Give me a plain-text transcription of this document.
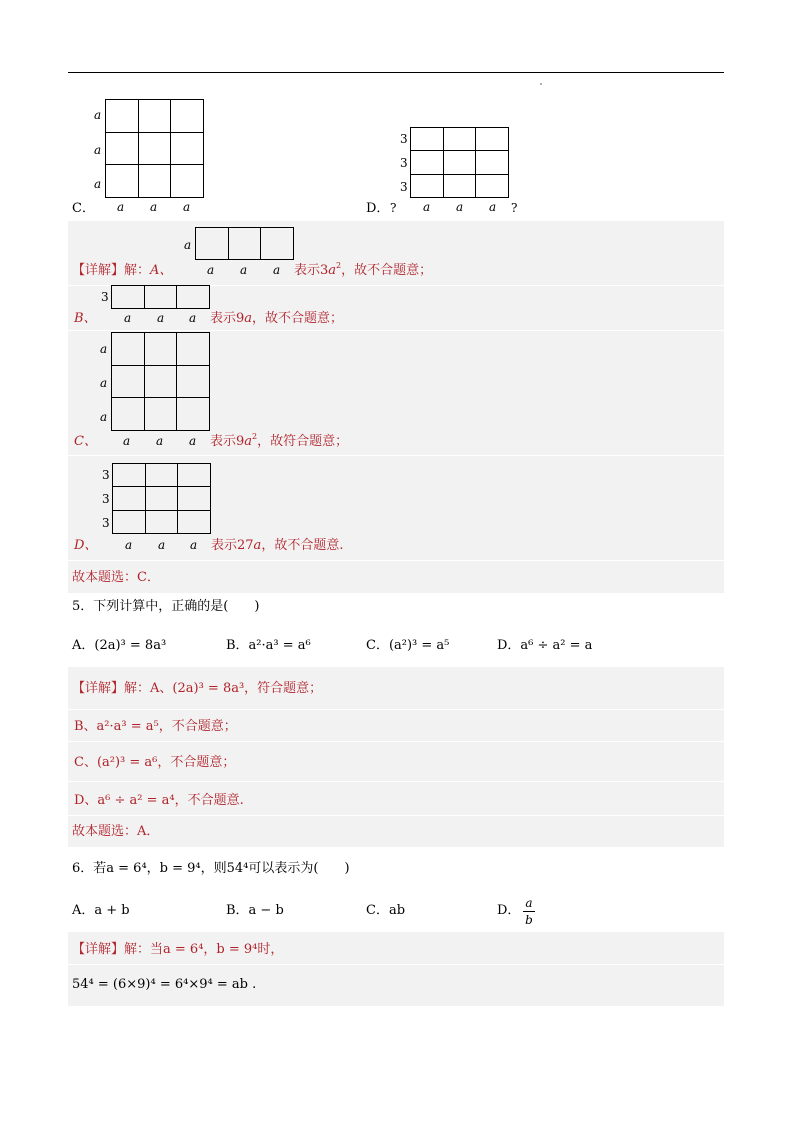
a
a
a
C． a a a
3
3
3
D． ? a a a ?
a
【详解】解：A、	a a a 表示$3a^2$，故不合题意；
3
B、 a a a 表示9a，故不合题意；
a
a
a
C、 a a a 表示$9a^2$，故符合题意；
3
3
3
D、 a a a 表示27a，故不合题意.
故本题选：C．
5．下列计算中，正确的是(　　)
A．(2a)³ = 8a³	B．a²·a³ = a⁶	C．(a²)³ = a⁵	D．a⁶ ÷ a² = a
【详解】解：A、(2a)³ = 8a³，符合题意；
B、a²·a³ = a⁵，不合题意；
C、(a²)³ = a⁶，不合题意；
D、a⁶ ÷ a² = a⁴，不合题意.
故本题选：A．
6．若a = 6⁴，b = 9⁴，则54⁴可以表示为(　　)
A．a + b	B．a − b	C．ab	D． a
b
【详解】解：当a = 6⁴，b = 9⁴时，
54⁴ = (6×9)⁴ = 6⁴×9⁴ = ab .
